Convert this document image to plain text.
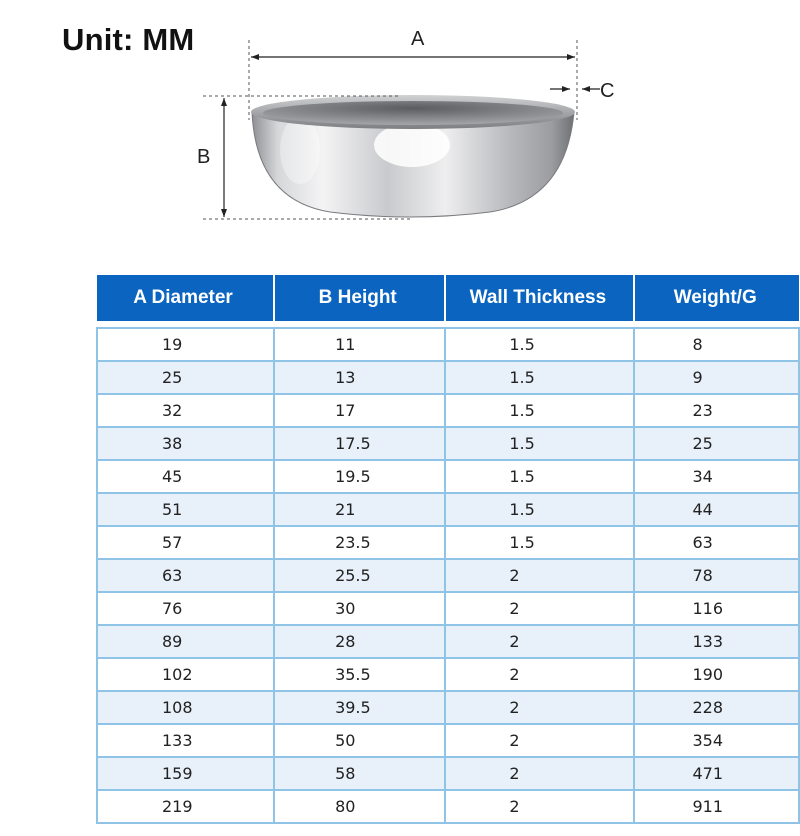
Unit: MM	A
B
C
A Diameter	B Height	Wall Thickness	Weight/G

19	11	1.5	8
25	13	1.5	9
32	17	1.5	23
38	17.5	1.5	25
45	19.5	1.5	34
51	21	1.5	44
57	23.5	1.5	63
63	25.5	2	78
76	30	2	116
89	28	2	133
102	35.5	2	190
108	39.5	2	228
133	50	2	354
159	58	2	471
219	80	2	911
